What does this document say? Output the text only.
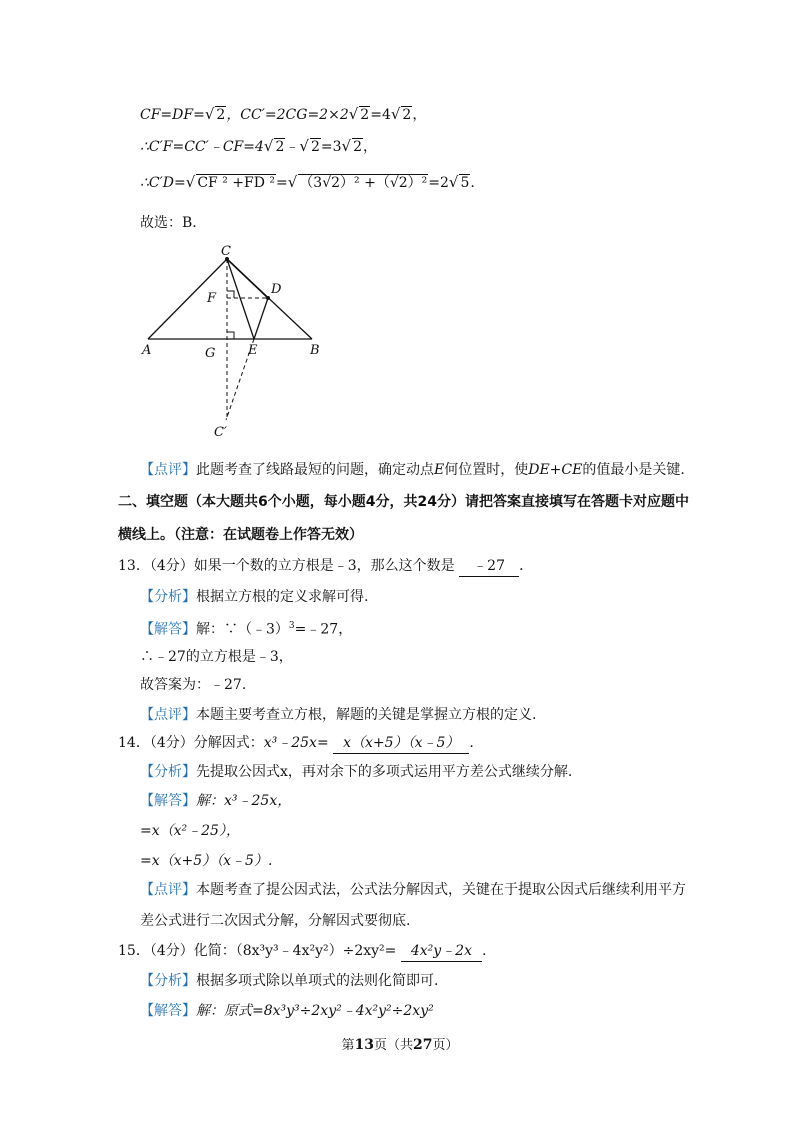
CF=DF=√ 2，CC′=2CG=2×2√ 2=4√ 2，
∴C′F=CC′﹣CF=4√ 2﹣√ 2=3√ 2，
∴C′D=√ CF ² +FD ²=√ （3√2）² +（√2）²=2√ 5.
故选：B.
C
D
F
A	G	E	B
C′
【点评】此题考查了线路最短的问题，确定动点E何位置时，使DE+CE的值最小是关键.
二、填空题（本大题共6个小题，每小题4分，共24分）请把答案直接填写在答题卡对应题中
横线上。（注意：在试题卷上作答无效）
13．（4分）如果一个数的立方根是﹣3，那么这个数是 ﹣27 ．
【分析】根据立方根的定义求解可得.
【解答】解：∵（﹣3）$^3$=﹣27，
∴﹣27的立方根是﹣3，
故答案为：﹣27.
【点评】本题主要考查立方根，解题的关键是掌握立方根的定义.
14．（4分）分解因式：x³﹣25x= x（x+5）（x﹣5） .
【分析】先提取公因式x，再对余下的多项式运用平方差公式继续分解.
【解答】解：x³﹣25x，
=x（x²﹣25），
=x（x+5）（x﹣5）.
【点评】本题考查了提公因式法，公式法分解因式，关键在于提取公因式后继续利用平方
差公式进行二次因式分解，分解因式要彻底.
15．（4分）化简：（8x³y³﹣4x²y²）÷2xy²= 4x²y﹣2x .
【分析】根据多项式除以单项式的法则化简即可.
【解答】解：原式=8x³y³÷2xy²﹣4x²y²÷2xy²
第13页（共27页）
